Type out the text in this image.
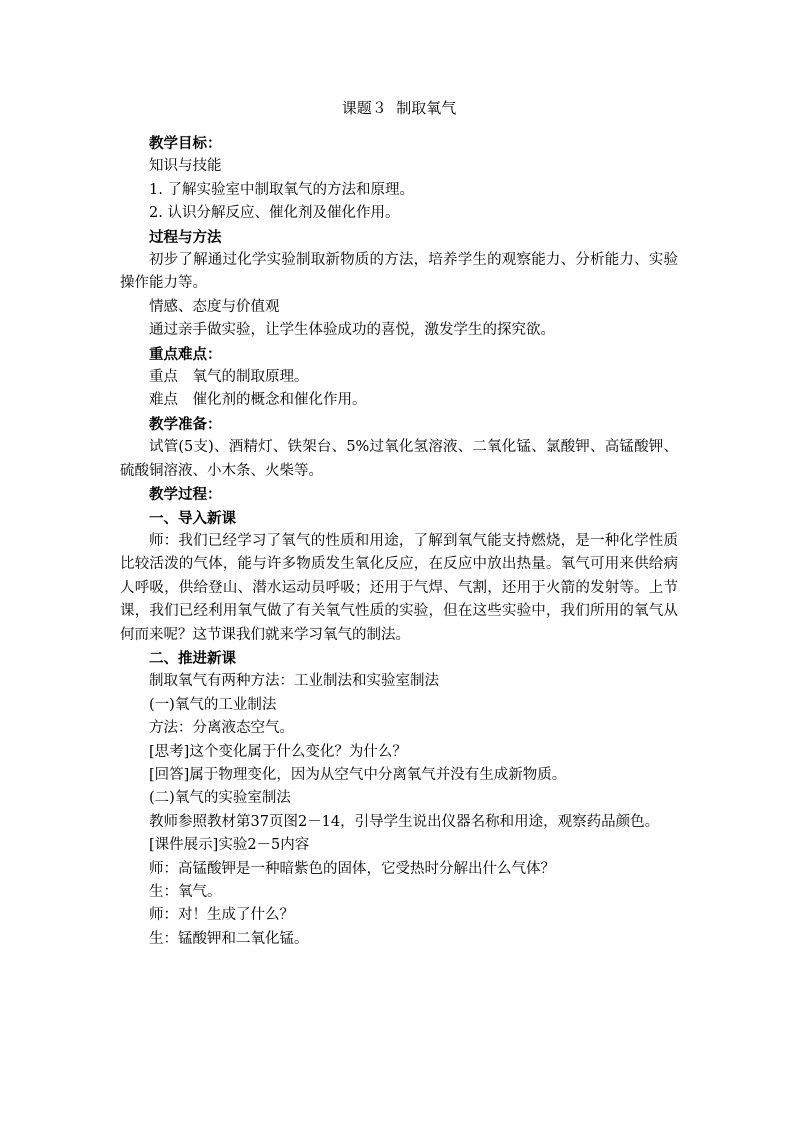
课题３  制取氧气

教学目标：

知识与技能

1. 了解实验室中制取氧气的方法和原理。

2. 认识分解反应、催化剂及催化作用。

过程与方法

初步了解通过化学实验制取新物质的方法，培养学生的观察能力、分析能力、实验操作能力等。

情感、态度与价值观

通过亲手做实验，让学生体验成功的喜悦，激发学生的探究欲。

重点难点：

重点　氧气的制取原理。

难点　催化剂的概念和催化作用。

教学准备：

试管(5支)、酒精灯、铁架台、5%过氧化氢溶液、二氧化锰、氯酸钾、高锰酸钾、硫酸铜溶液、小木条、火柴等。

教学过程：

一、导入新课

师：我们已经学习了氧气的性质和用途，了解到氧气能支持燃烧，是一种化学性质比较活泼的气体，能与许多物质发生氧化反应，在反应中放出热量。氧气可用来供给病人呼吸，供给登山、潜水运动员呼吸；还用于气焊、气割，还用于火箭的发射等。上节课，我们已经利用氧气做了有关氧气性质的实验，但在这些实验中，我们所用的氧气从何而来呢？这节课我们就来学习氧气的制法。

二、推进新课

制取氧气有两种方法：工业制法和实验室制法

(一)氧气的工业制法

方法：分离液态空气。

[思考]这个变化属于什么变化？为什么？

[回答]属于物理变化，因为从空气中分离氧气并没有生成新物质。

(二)氧气的实验室制法

教师参照教材第37页图2－14，引导学生说出仪器名称和用途，观察药品颜色。

[课件展示]实验2－5内容

师：高锰酸钾是一种暗紫色的固体，它受热时分解出什么气体？

生：氧气。

师：对！生成了什么？

生：锰酸钾和二氧化锰。
